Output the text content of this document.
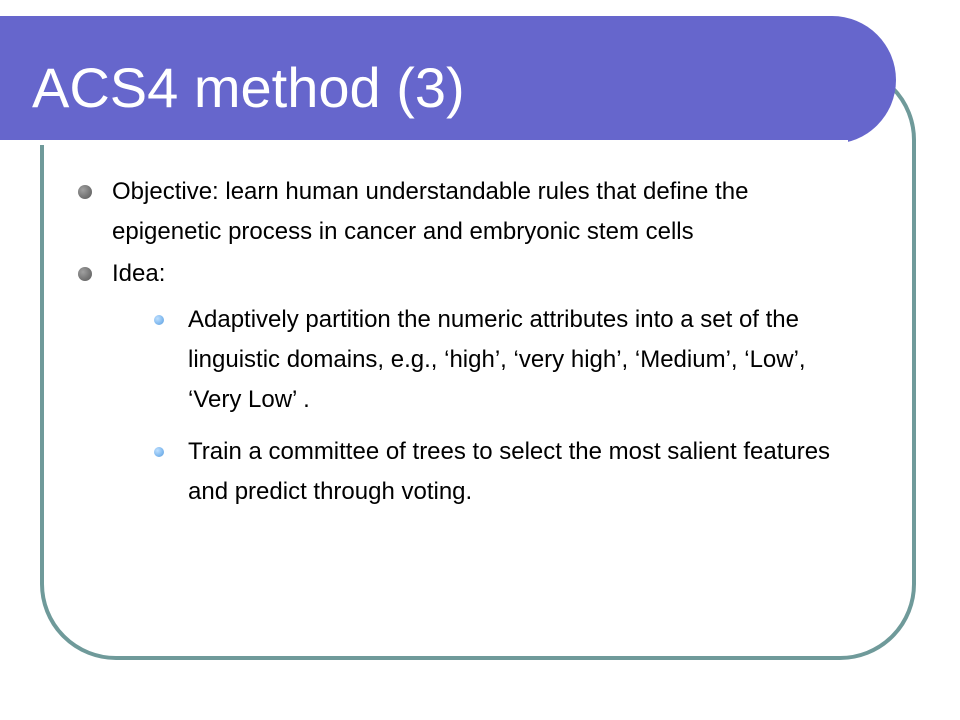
ACS4 method (3)
Objective: learn human understandable rules that define the epigenetic process in cancer and embryonic stem cells
Idea:
Adaptively partition the numeric attributes into a set of the linguistic domains, e.g., ‘high’, ‘very high’, ‘Medium’, ‘Low’, ‘Very Low’ .
Train a committee of trees to select the most salient features and predict through voting.
